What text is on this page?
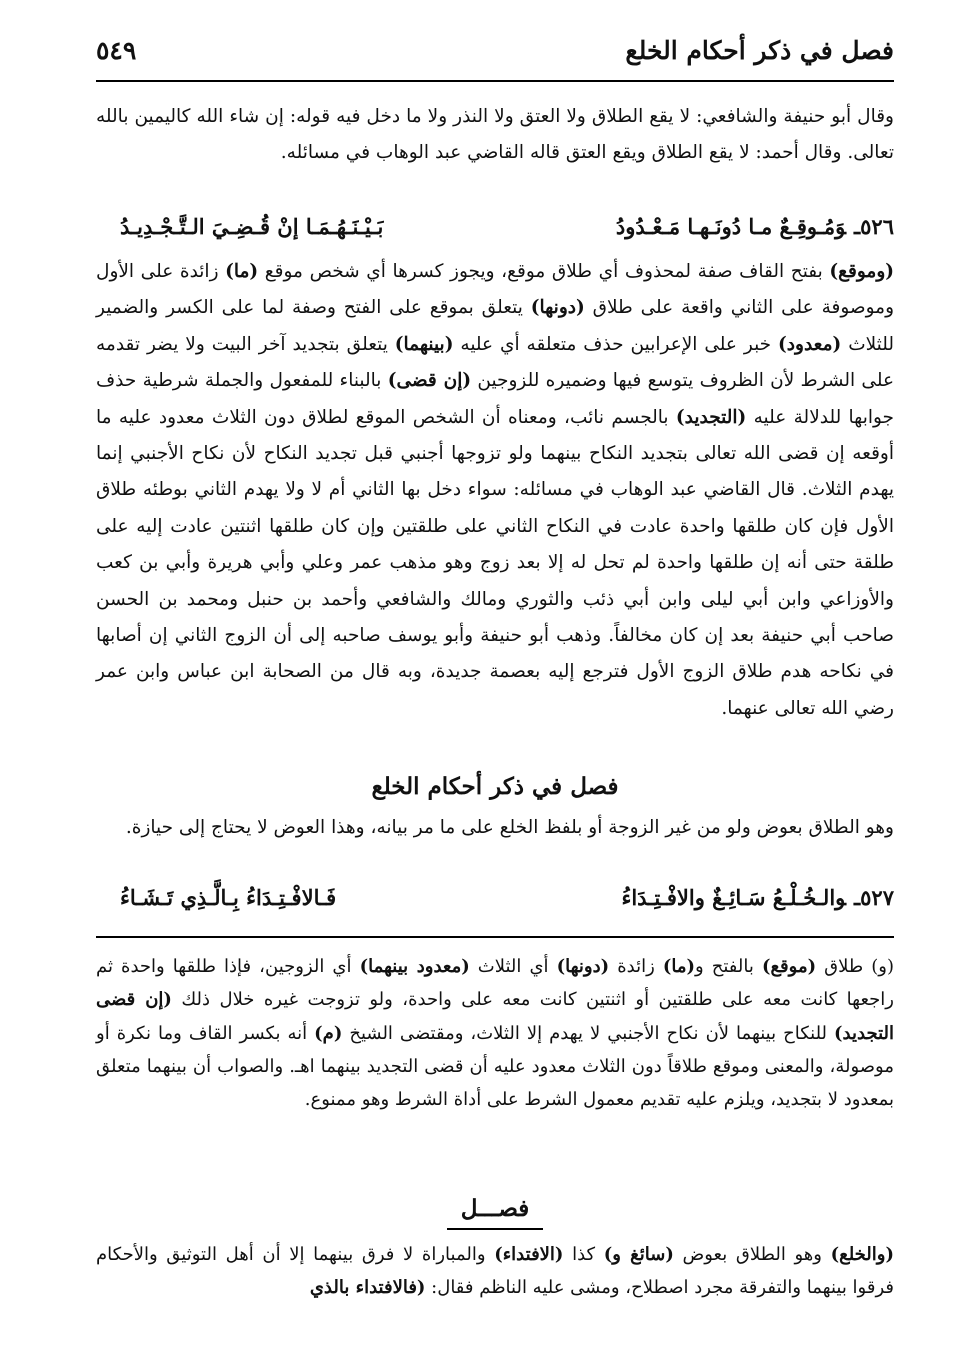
فصل في ذكر أحكام الخلع
٥٤٩

وقال أبو حنيفة والشافعي: لا يقع الطلاق ولا العتق ولا النذر ولا ما دخل فيه قوله: إن شاء الله كاليمين بالله تعالى. وقال أحمد: لا يقع الطلاق ويقع العتق قاله القاضي عبد الوهاب في مسائله.

٥٢٦ـوَمُـوقِـعٌ مـا دُونَـهـا مَـعْـدُودُ
بَـيْـنَـهُـمَـا إنْ قُـضِـيَ الـتَّـجْـدِيـدُ

(وموقع) بفتح القاف صفة لمحذوف أي طلاق موقع، ويجوز كسرها أي شخص موقع (ما) زائدة على الأول وموصوفة على الثاني واقعة على طلاق (دونها) يتعلق بموقع على الفتح وصفة لما على الكسر والضمير للثلاث (معدود) خبر على الإعرابين حذف متعلقه أي عليه (بينهما) يتعلق بتجديد آخر البيت ولا يضر تقدمه على الشرط لأن الظروف يتوسع فيها وضميره للزوجين (إن قضى) بالبناء للمفعول والجملة شرطية حذف جوابها للدلالة عليه (التجديد) بالجسم نائب، ومعناه أن الشخص الموقع لطلاق دون الثلاث معدود عليه ما أوقعه إن قضى الله تعالى بتجديد النكاح بينهما ولو تزوجها أجنبي قبل تجديد النكاح لأن نكاح الأجنبي إنما يهدم الثلاث. قال القاضي عبد الوهاب في مسائله: سواء دخل بها الثاني أم لا ولا يهدم الثاني بوطئه طلاق الأول فإن كان طلقها واحدة عادت في النكاح الثاني على طلقتين وإن كان طلقها اثنتين عادت إليه على طلقة حتى أنه إن طلقها واحدة لم تحل له إلا بعد زوج وهو مذهب عمر وعلي وأبي هريرة وأبي بن كعب والأوزاعي وابن أبي ليلى وابن أبي ذئب والثوري ومالك والشافعي وأحمد بن حنبل ومحمد بن الحسن صاحب أبي حنيفة بعد إن كان مخالفاً. وذهب أبو حنيفة وأبو يوسف صاحبه إلى أن الزوج الثاني إن أصابها في نكاحه هدم طلاق الزوج الأول فترجع إليه بعصمة جديدة، وبه قال من الصحابة ابن عباس وابن عمر رضي الله تعالى عنهما.

فصل في ذكر أحكام الخلع

وهو الطلاق بعوض ولو من غير الزوجة أو بلفظ الخلع على ما مر بيانه، وهذا العوض لا يحتاج إلى حيازة.

٥٢٧ـوالـخُـلْـعُ سَـائِـغٌ والافْـتِـدَاءُ
فَـالافْـتِـدَاءُ بِـالَّـذِي تَـشَـاءُ

(و) طلاق (موقع) بالفتح و(ما) زائدة (دونها) أي الثلاث (معدود بينهما) أي الزوجين، فإذا طلقها واحدة ثم راجعها كانت معه على طلقتين أو اثنتين كانت معه على واحدة، ولو تزوجت غيره خلال ذلك (إن قضى التجديد) للنكاح بينهما لأن نكاح الأجنبي لا يهدم إلا الثلاث، ومقتضى الشيخ (م) أنه بكسر القاف وما نكرة أو موصولة، والمعنى وموقع طلاقاً دون الثلاث معدود عليه أن قضى التجديد بينهما اهـ. والصواب أن بينهما متعلق بمعدود لا بتجديد، ويلزم عليه تقديم معمول الشرط على أداة الشرط وهو ممنوع.

فصـــل

(والخلع) وهو الطلاق بعوض (سائغ و) كذا (الافتداء) والمباراة لا فرق بينهما إلا أن أهل التوثيق والأحكام فرقوا بينهما والتفرقة مجرد اصطلاح، ومشى عليه الناظم فقال: (فالافتداء بالذي
